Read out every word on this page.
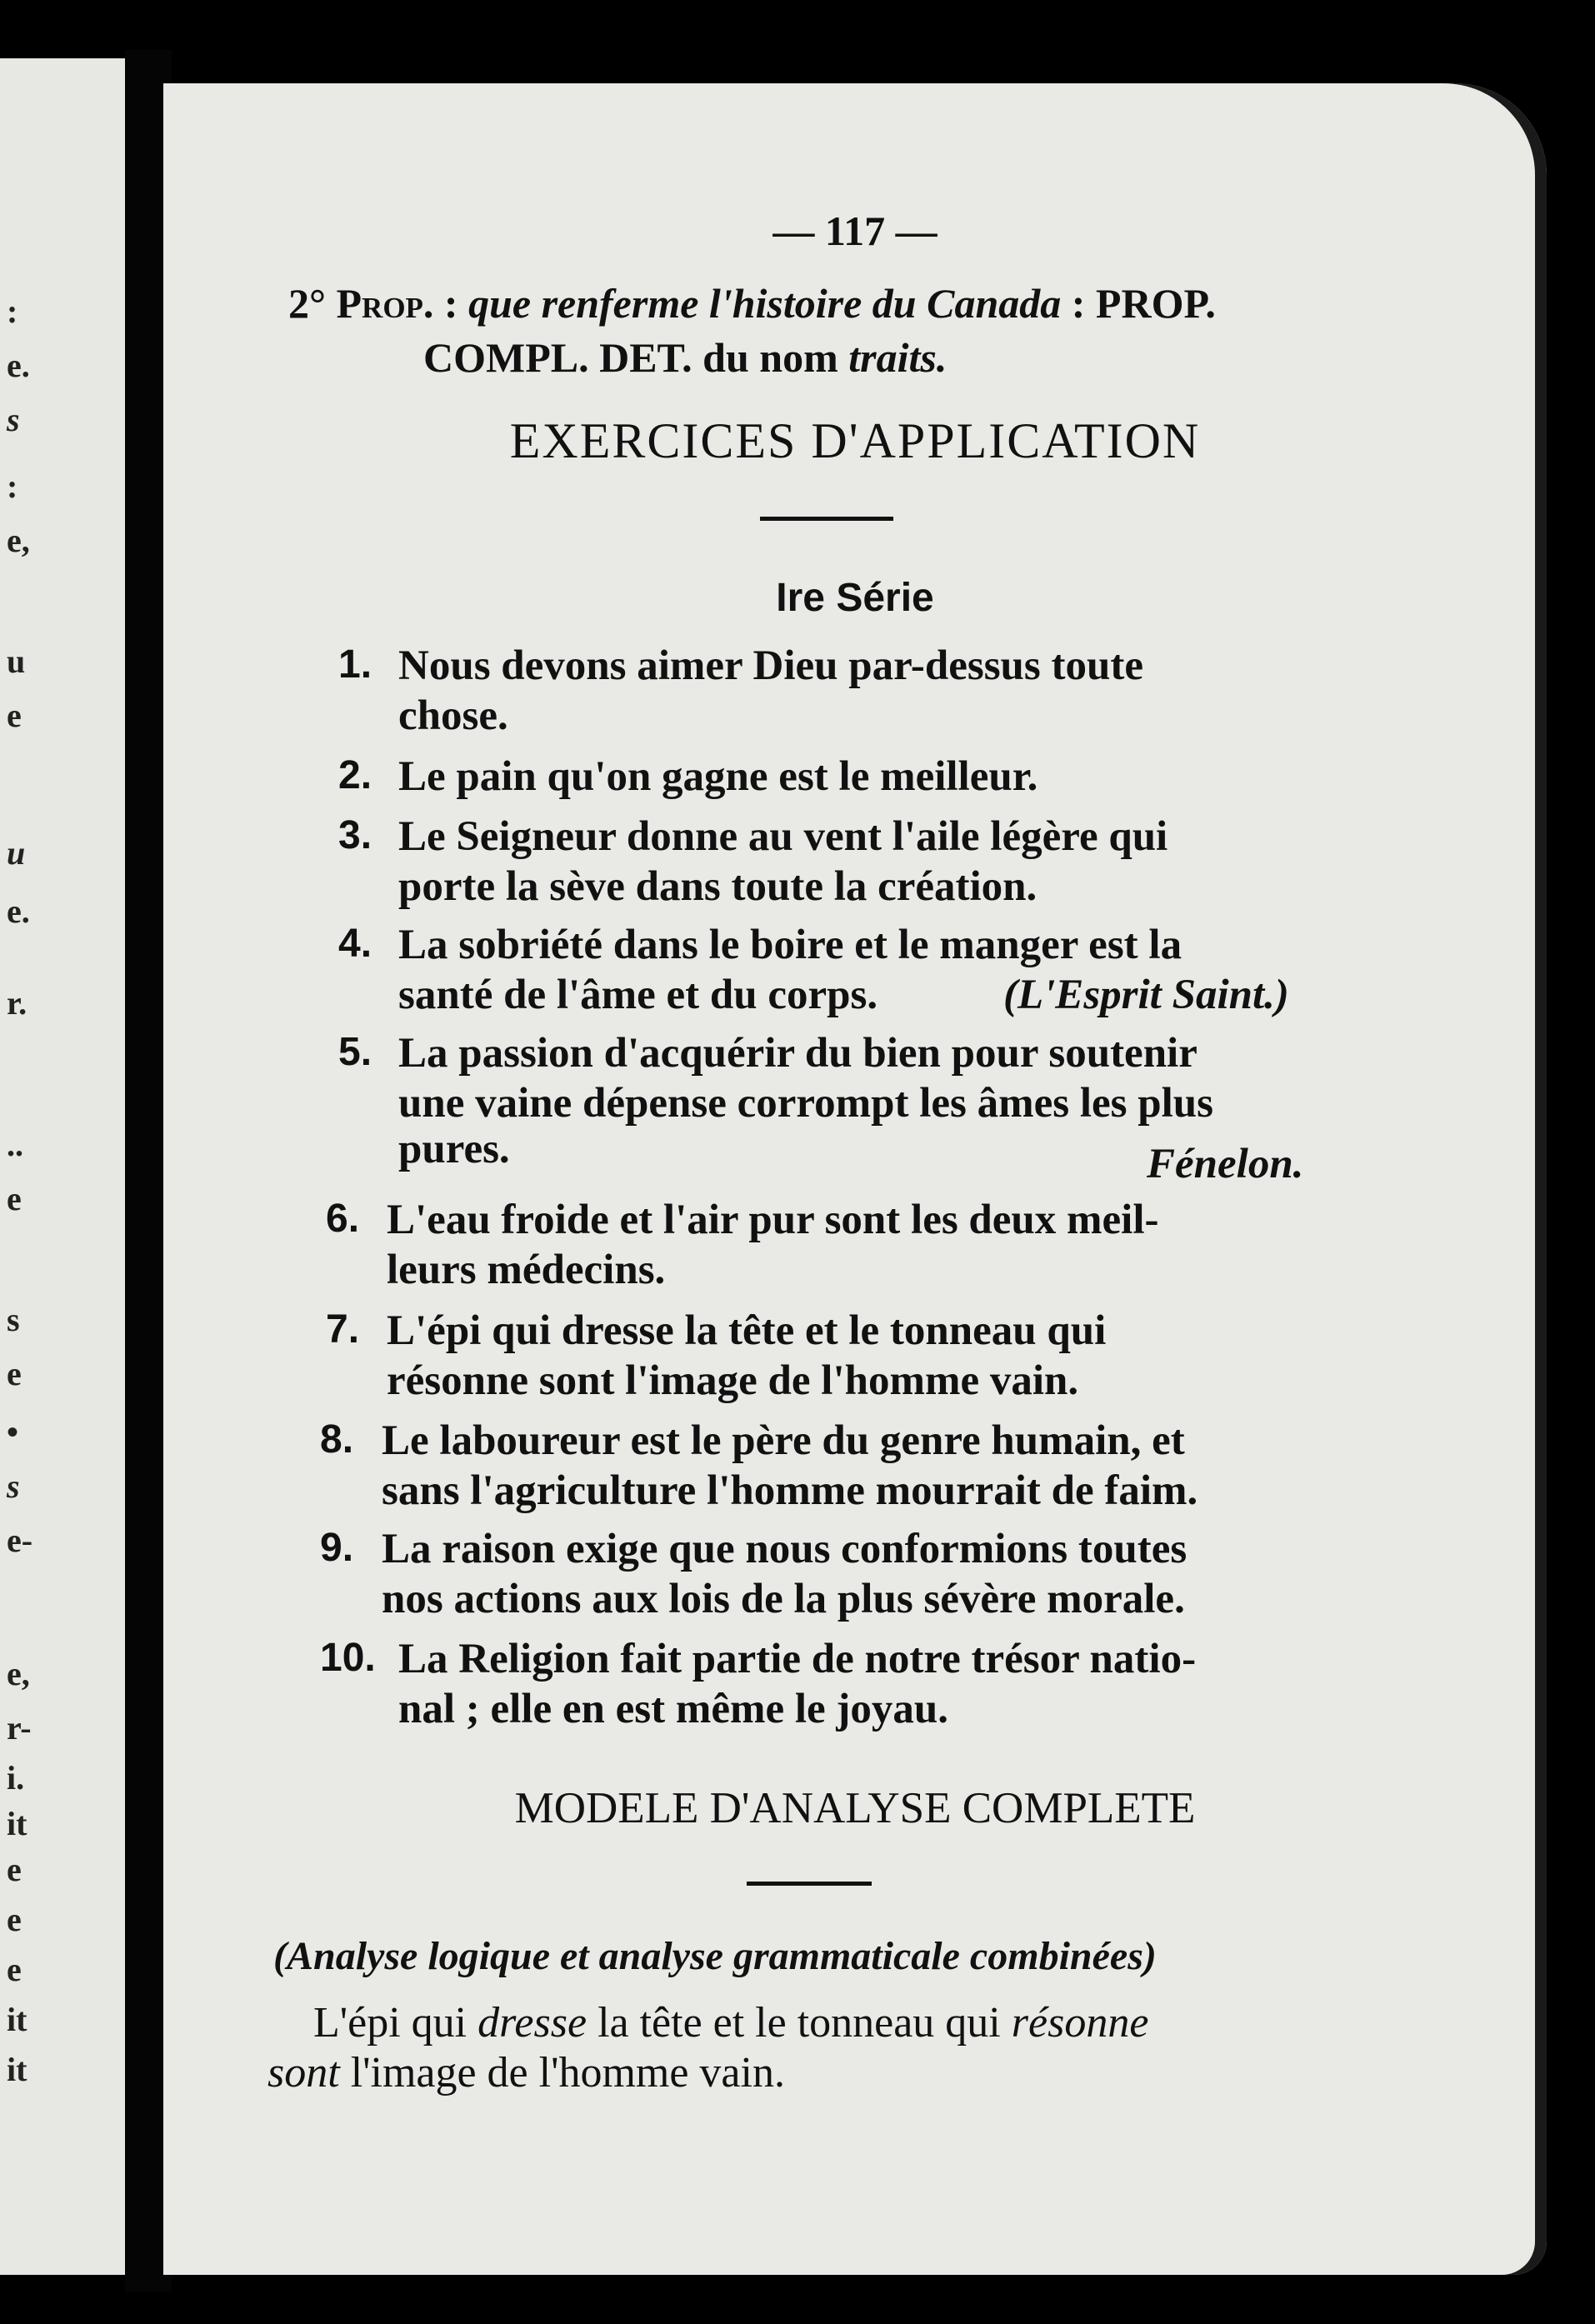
:
e.
s
:
e,
u
e
u
e.
r.
..
e
s
e
•
s
e-
e,
r-
i.
it
e
e
e
it
it
— 117 —
2° Prop. : que renferme l'histoire du Canada : PROP.
COMPL. DET. du nom traits.
EXERCICES D'APPLICATION
Ire Série
1. Nous devons aimer Dieu par-dessus toute
chose.
2. Le pain qu'on gagne est le meilleur.
3. Le Seigneur donne au vent l'aile légère qui
porte la sève dans toute la création.
4. La sobriété dans le boire et le manger est la
santé de l'âme et du corps.	(L'Esprit Saint.)
5. La passion d'acquérir du bien pour soutenir
une vaine dépense corrompt les âmes les plus
pures.	Fénelon.
6. L'eau froide et l'air pur sont les deux meil-
leurs médecins.
7. L'épi qui dresse la tête et le tonneau qui
résonne sont l'image de l'homme vain.
8. Le laboureur est le père du genre humain, et
sans l'agriculture l'homme mourrait de faim.
9. La raison exige que nous conformions toutes
nos actions aux lois de la plus sévère morale.
10. La Religion fait partie de notre trésor natio-
nal ; elle en est même le joyau.
MODELE D'ANALYSE COMPLETE
(Analyse logique et analyse grammaticale combinées)
L'épi qui dresse la tête et le tonneau qui résonne
sont l'image de l'homme vain.
